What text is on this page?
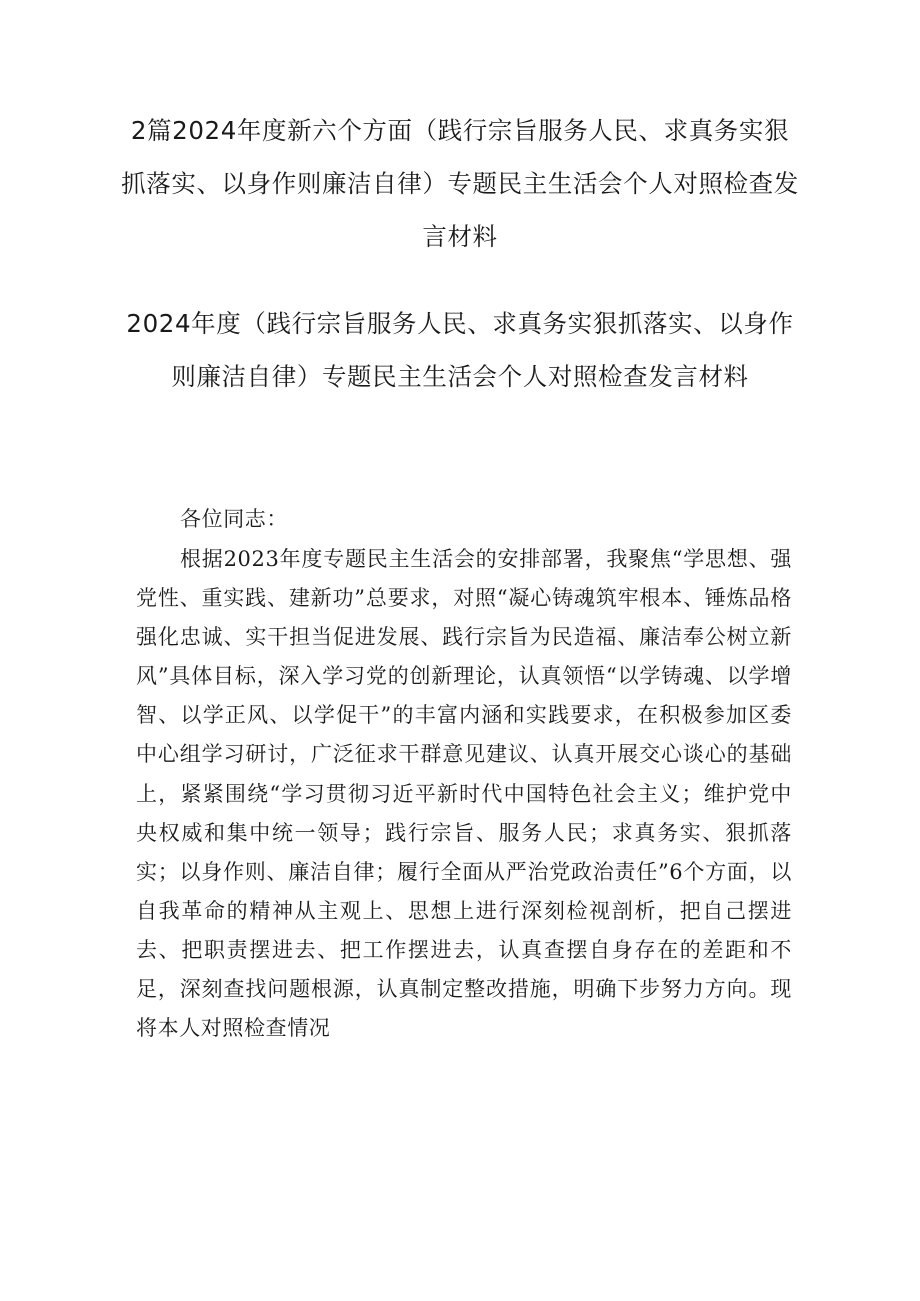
2篇2024年度新六个方面（践行宗旨服务人民、求真务实狠抓落实、以身作则廉洁自律）专题民主生活会个人对照检查发言材料
2024年度（践行宗旨服务人民、求真务实狠抓落实、以身作则廉洁自律）专题民主生活会个人对照检查发言材料

各位同志：

根据2023年度专题民主生活会的安排部署，我聚焦“学思想、强党性、重实践、建新功”总要求，对照“凝心铸魂筑牢根本、锤炼品格强化忠诚、实干担当促进发展、践行宗旨为民造福、廉洁奉公树立新风”具体目标，深入学习党的创新理论，认真领悟“以学铸魂、以学增智、以学正风、以学促干”的丰富内涵和实践要求，在积极参加区委中心组学习研讨，广泛征求干群意见建议、认真开展交心谈心的基础上，紧紧围绕“学习贯彻习近平新时代中国特色社会主义；维护党中央权威和集中统一领导；践行宗旨、服务人民；求真务实、狠抓落实；以身作则、廉洁自律；履行全面从严治党政治责任”6个方面，以自我革命的精神从主观上、思想上进行深刻检视剖析，把自己摆进去、把职责摆进去、把工作摆进去，认真查摆自身存在的差距和不足，深刻查找问题根源，认真制定整改措施，明确下步努力方向。现将本人对照检查情况
